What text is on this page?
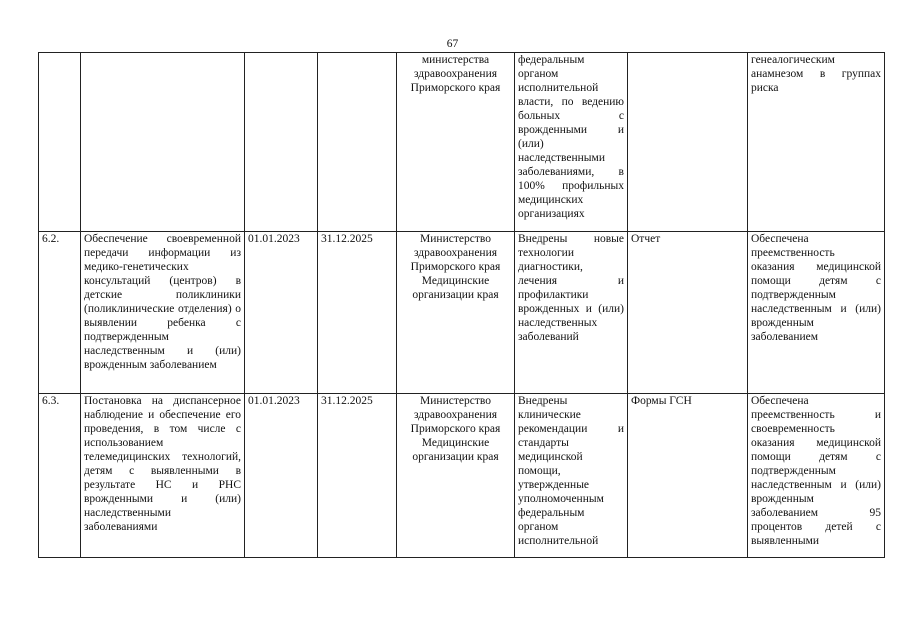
67
				министерства здравоохранения Приморского края	федеральным органом исполнительной власти, по ведению больных с врожденными и (или) наследственными заболеваниями, в 100% профильных медицинских организациях		генеалогическим анамнезом в группах риска
6.2.	Обеспечение своевременной передачи информации из медико-генетических консультаций (центров) в детские поликлиники (поликлинические отделения) о выявлении ребенка с подтвержденным наследственным и (или) врожденным заболеванием	01.01.2023	31.12.2025	Министерство здравоохранения Приморского края Медицинские организации края	Внедрены новые технологии диагностики, лечения и профилактики врожденных и (или) наследственных заболеваний	Отчет	Обеспечена преемственность оказания медицинской помощи детям с подтвержденным наследственным и (или) врожденным заболеванием
6.3.	Постановка на диспансерное наблюдение и обеспечение его проведения, в том числе с использованием телемедицинских технологий, детям с выявленными в результате НС и РНС врожденными и (или) наследственными заболеваниями	01.01.2023	31.12.2025	Министерство здравоохранения Приморского края Медицинские организации края	Внедрены клинические рекомендации и стандарты медицинской помощи, утвержденные уполномоченным федеральным органом исполнительной	Формы ГСН	Обеспечена преемственность и своевременность оказания медицинской помощи детям с подтвержденным наследственным и (или) врожденным заболеванием 95 процентов детей с выявленными
